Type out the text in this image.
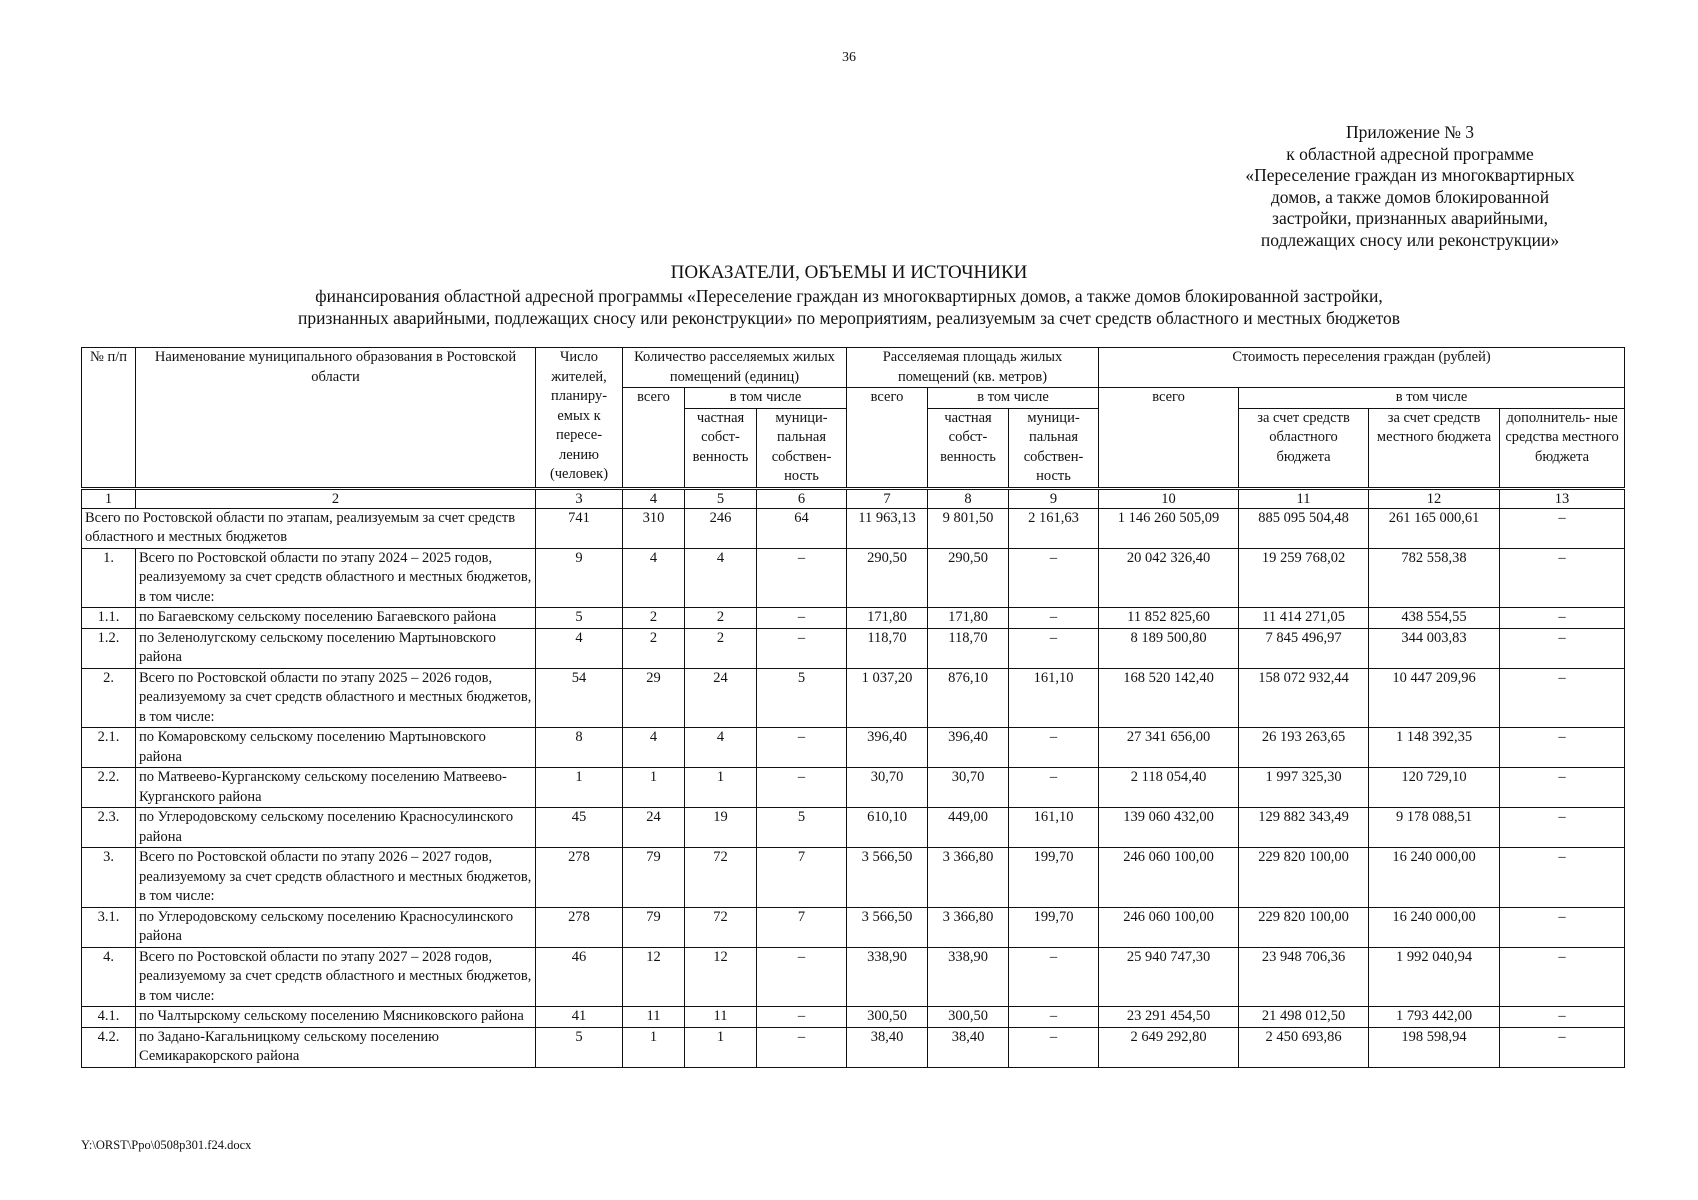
36
Приложение № 3
к областной адресной программе
«Переселение граждан из многоквартирных
домов, а также домов блокированной
застройки, признанных аварийными,
подлежащих сносу или реконструкции»
ПОКАЗАТЕЛИ, ОБЪЕМЫ И ИСТОЧНИКИ
финансирования областной адресной программы «Переселение граждан из многоквартирных домов, а также домов блокированной застройки,
признанных аварийными, подлежащих сносу или реконструкции» по мероприятиям, реализуемым за счет средств областного и местных бюджетов
№ п/п	Наименование муниципального образования в Ростовской области	Число жителей, планиру- емых к пересе- лению (человек)	Количество расселяемых жилых помещений (единиц)			Расселяемая площадь жилых помещений (кв. метров)			Стоимость переселения граждан (рублей)			
			всего	в том числе		всего	в том числе		всего	в том числе		
				частная собст- венность	муници- пальная собствен- ность		частная собст- венность	муници- пальная собствен- ность		за счет средств областного бюджета	за счет средств местного бюджета	дополнитель- ные средства местного бюджета

1	2	3	4	5	6	7	8	9	10	11	12	13
Всего по Ростовской области по этапам, реализуемым за счет средств областного и местных бюджетов		741	310	246	64	11 963,13	9 801,50	2 161,63	1 146 260 505,09	885 095 504,48	261 165 000,61	–
1.	Всего по Ростовской области по этапу 2024 – 2025 годов, реализуемому за счет средств областного и местных бюджетов, в том числе:	9	4	4	–	290,50	290,50	–	20 042 326,40	19 259 768,02	782 558,38	–
1.1.	по Багаевскому сельскому поселению Багаевского района	5	2	2	–	171,80	171,80	–	11 852 825,60	11 414 271,05	438 554,55	–
1.2.	по Зеленолугскому сельскому поселению Мартыновского района	4	2	2	–	118,70	118,70	–	8 189 500,80	7 845 496,97	344 003,83	–
2.	Всего по Ростовской области по этапу 2025 – 2026 годов, реализуемому за счет средств областного и местных бюджетов, в том числе:	54	29	24	5	1 037,20	876,10	161,10	168 520 142,40	158 072 932,44	10 447 209,96	–
2.1.	по Комаровскому сельскому поселению Мартыновского района	8	4	4	–	396,40	396,40	–	27 341 656,00	26 193 263,65	1 148 392,35	–
2.2.	по Матвеево-Курганскому сельскому поселению Матвеево-Курганского района	1	1	1	–	30,70	30,70	–	2 118 054,40	1 997 325,30	120 729,10	–
2.3.	по Углеродовскому сельскому поселению Красносулинского района	45	24	19	5	610,10	449,00	161,10	139 060 432,00	129 882 343,49	9 178 088,51	–
3.	Всего по Ростовской области по этапу 2026 – 2027 годов, реализуемому за счет средств областного и местных бюджетов, в том числе:	278	79	72	7	3 566,50	3 366,80	199,70	246 060 100,00	229 820 100,00	16 240 000,00	–
3.1.	по Углеродовскому сельскому поселению Красносулинского района	278	79	72	7	3 566,50	3 366,80	199,70	246 060 100,00	229 820 100,00	16 240 000,00	–
4.	Всего по Ростовской области по этапу 2027 – 2028 годов, реализуемому за счет средств областного и местных бюджетов, в том числе:	46	12	12	–	338,90	338,90	–	25 940 747,30	23 948 706,36	1 992 040,94	–
4.1.	по Чалтырскому сельскому поселению Мясниковского района	41	11	11	–	300,50	300,50	–	23 291 454,50	21 498 012,50	1 793 442,00	–
4.2.	по Задано-Кагальницкому сельскому поселению Семикаракорского района	5	1	1	–	38,40	38,40	–	2 649 292,80	2 450 693,86	198 598,94	–
Y:\ORST\Ppo\0508p301.f24.docx
